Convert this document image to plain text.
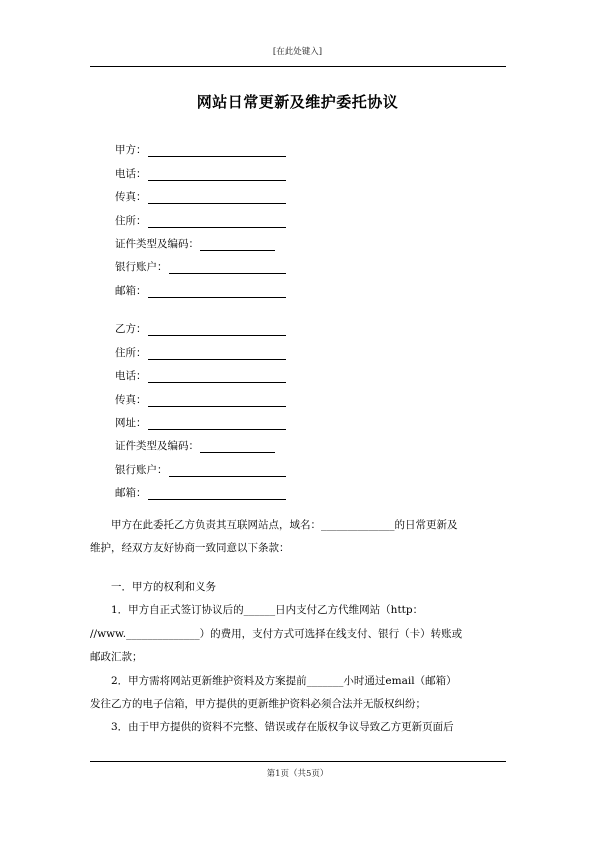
[在此处键入]
网站日常更新及维护委托协议
甲方：
电话：
传真：
住所：
证件类型及编码：
银行账户：
邮箱：
乙方：
住所：
电话：
传真：
网址：
证件类型及编码：
银行账户：
邮箱：

甲方在此委托乙方负责其互联网站点，域名：______________的日常更新及

维护，经双方友好协商一致同意以下条款：

一．甲方的权利和义务

1．甲方自正式签订协议后的______日内支付乙方代维网站（http：

//www.______________）的费用，支付方式可选择在线支付、银行（卡）转账或

邮政汇款；

2．甲方需将网站更新维护资料及方案提前_______小时通过email（邮箱）

发往乙方的电子信箱，甲方提供的更新维护资料必须合法并无版权纠纷；

3．由于甲方提供的资料不完整、错误或存在版权争议导致乙方更新页面后

第1页（共5页）
